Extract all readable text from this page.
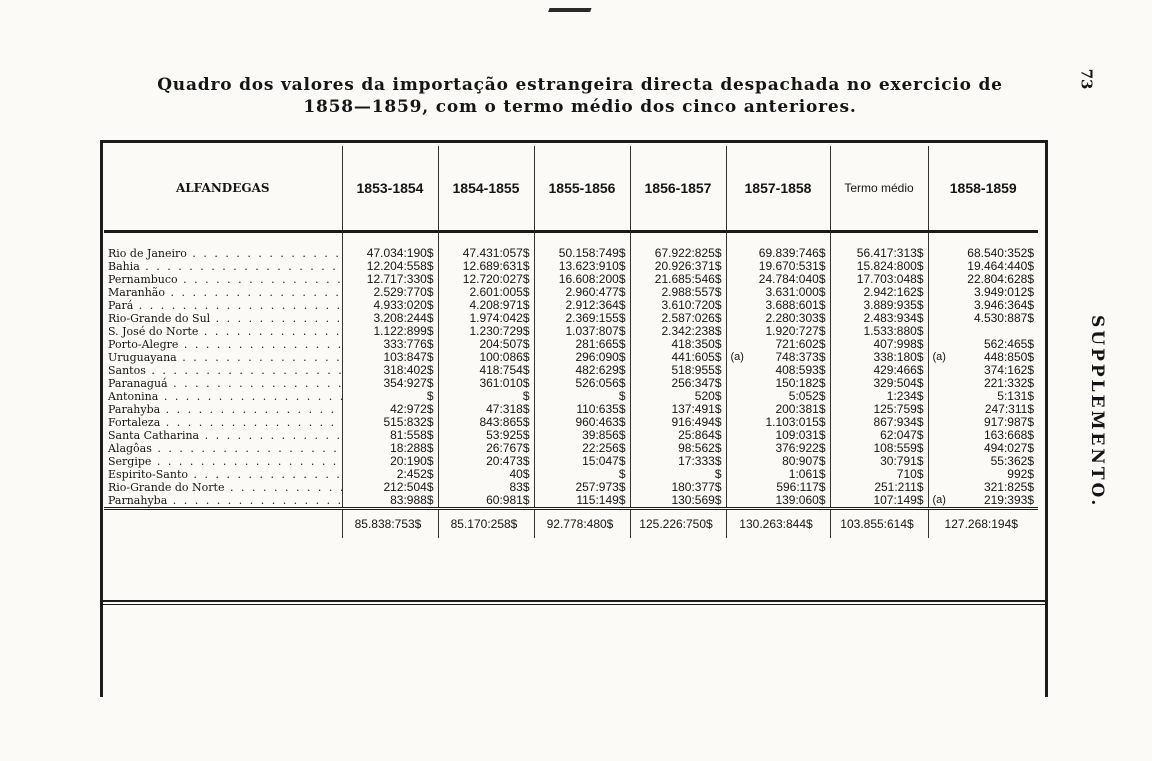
Quadro dos valores da importação estrangeira directa despachada no exercicio de
1858—1859, com o termo médio dos cinco anteriores.
73
SUPPLEMENTO.
ALFANDEGAS	1853-1854	1854-1855	1855-1856	1856-1857	1857-1858	Termo médio	1858-1859

Rio de Janeiro . . .	47.034:190$	47.431:057$	50.158:749$	67.922:825$	69.839:746$	56.417:313$	68.540:352$
Bahia . . .	12.204:558$	12.689:631$	13.623:910$	20.926:371$	19.670:531$	15.824:800$	19.464:440$
Pernambuco . . .	12.717:330$	12.720:027$	16.608:200$	21.685:546$	24.784:040$	17.703:048$	22.804:628$
Maranhão . . .	2.529:770$	2.601:005$	2.960:477$	2.988:557$	3.631:000$	2.942:162$	3.949:012$
Pará . . .	4.933:020$	4.208:971$	2.912:364$	3.610:720$	3.688:601$	3.889:935$	3.946:364$
Rio-Grande do Sul . . .	3.208:244$	1.974:042$	2.369:155$	2.587:026$	2.280:303$	2.483:934$	4.530:887$
S. José do Norte . . .	1.122:899$	1.230:729$	1.037:807$	2.342:238$	1.920:727$	1.533:880$	
Porto-Alegre . . .	333:776$	204:507$	281:665$	418:350$	721:602$	407:998$	562:465$
Uruguayana . . .	103:847$	100:086$	296:090$	441:605$	(a) 748:373$	338:180$	(a) 448:850$
Santos . . .	318:402$	418:754$	482:629$	518:955$	408:593$	429:466$	374:162$
Paranaguá . . .	354:927$	361:010$	526:056$	256:347$	150:182$	329:504$	221:332$
Antonina . . .	$	$	$	520$	5:052$	1:234$	5:131$
Parahyba . . .	42:972$	47:318$	110:635$	137:491$	200:381$	125:759$	247:311$
Fortaleza . . .	515:832$	843:865$	960:463$	916:494$	1.103:015$	867:934$	917:987$
Santa Catharina . . .	81:558$	53:925$	39:856$	25:864$	109:031$	62:047$	163:668$
Alagôas . . .	18:288$	26:767$	22:256$	98:562$	376:922$	108:559$	494:027$
Sergipe . . .	20:190$	20:473$	15:047$	17:333$	80:907$	30:791$	55:362$
Espirito-Santo . . .	2:452$	40$	$	$	1:061$	710$	992$
Rio-Grande do Norte . . .	212:504$	83$	257:973$	180:377$	596:117$	251:211$	321:825$
Parnahyba . . .	83:988$	60:981$	115:149$	130:569$	139:060$	107:149$	(a) 219:393$
	85.838:753$	85.170:258$	92.778:480$	125.226:750$	130.263:844$	103.855:614$	127.268:194$
